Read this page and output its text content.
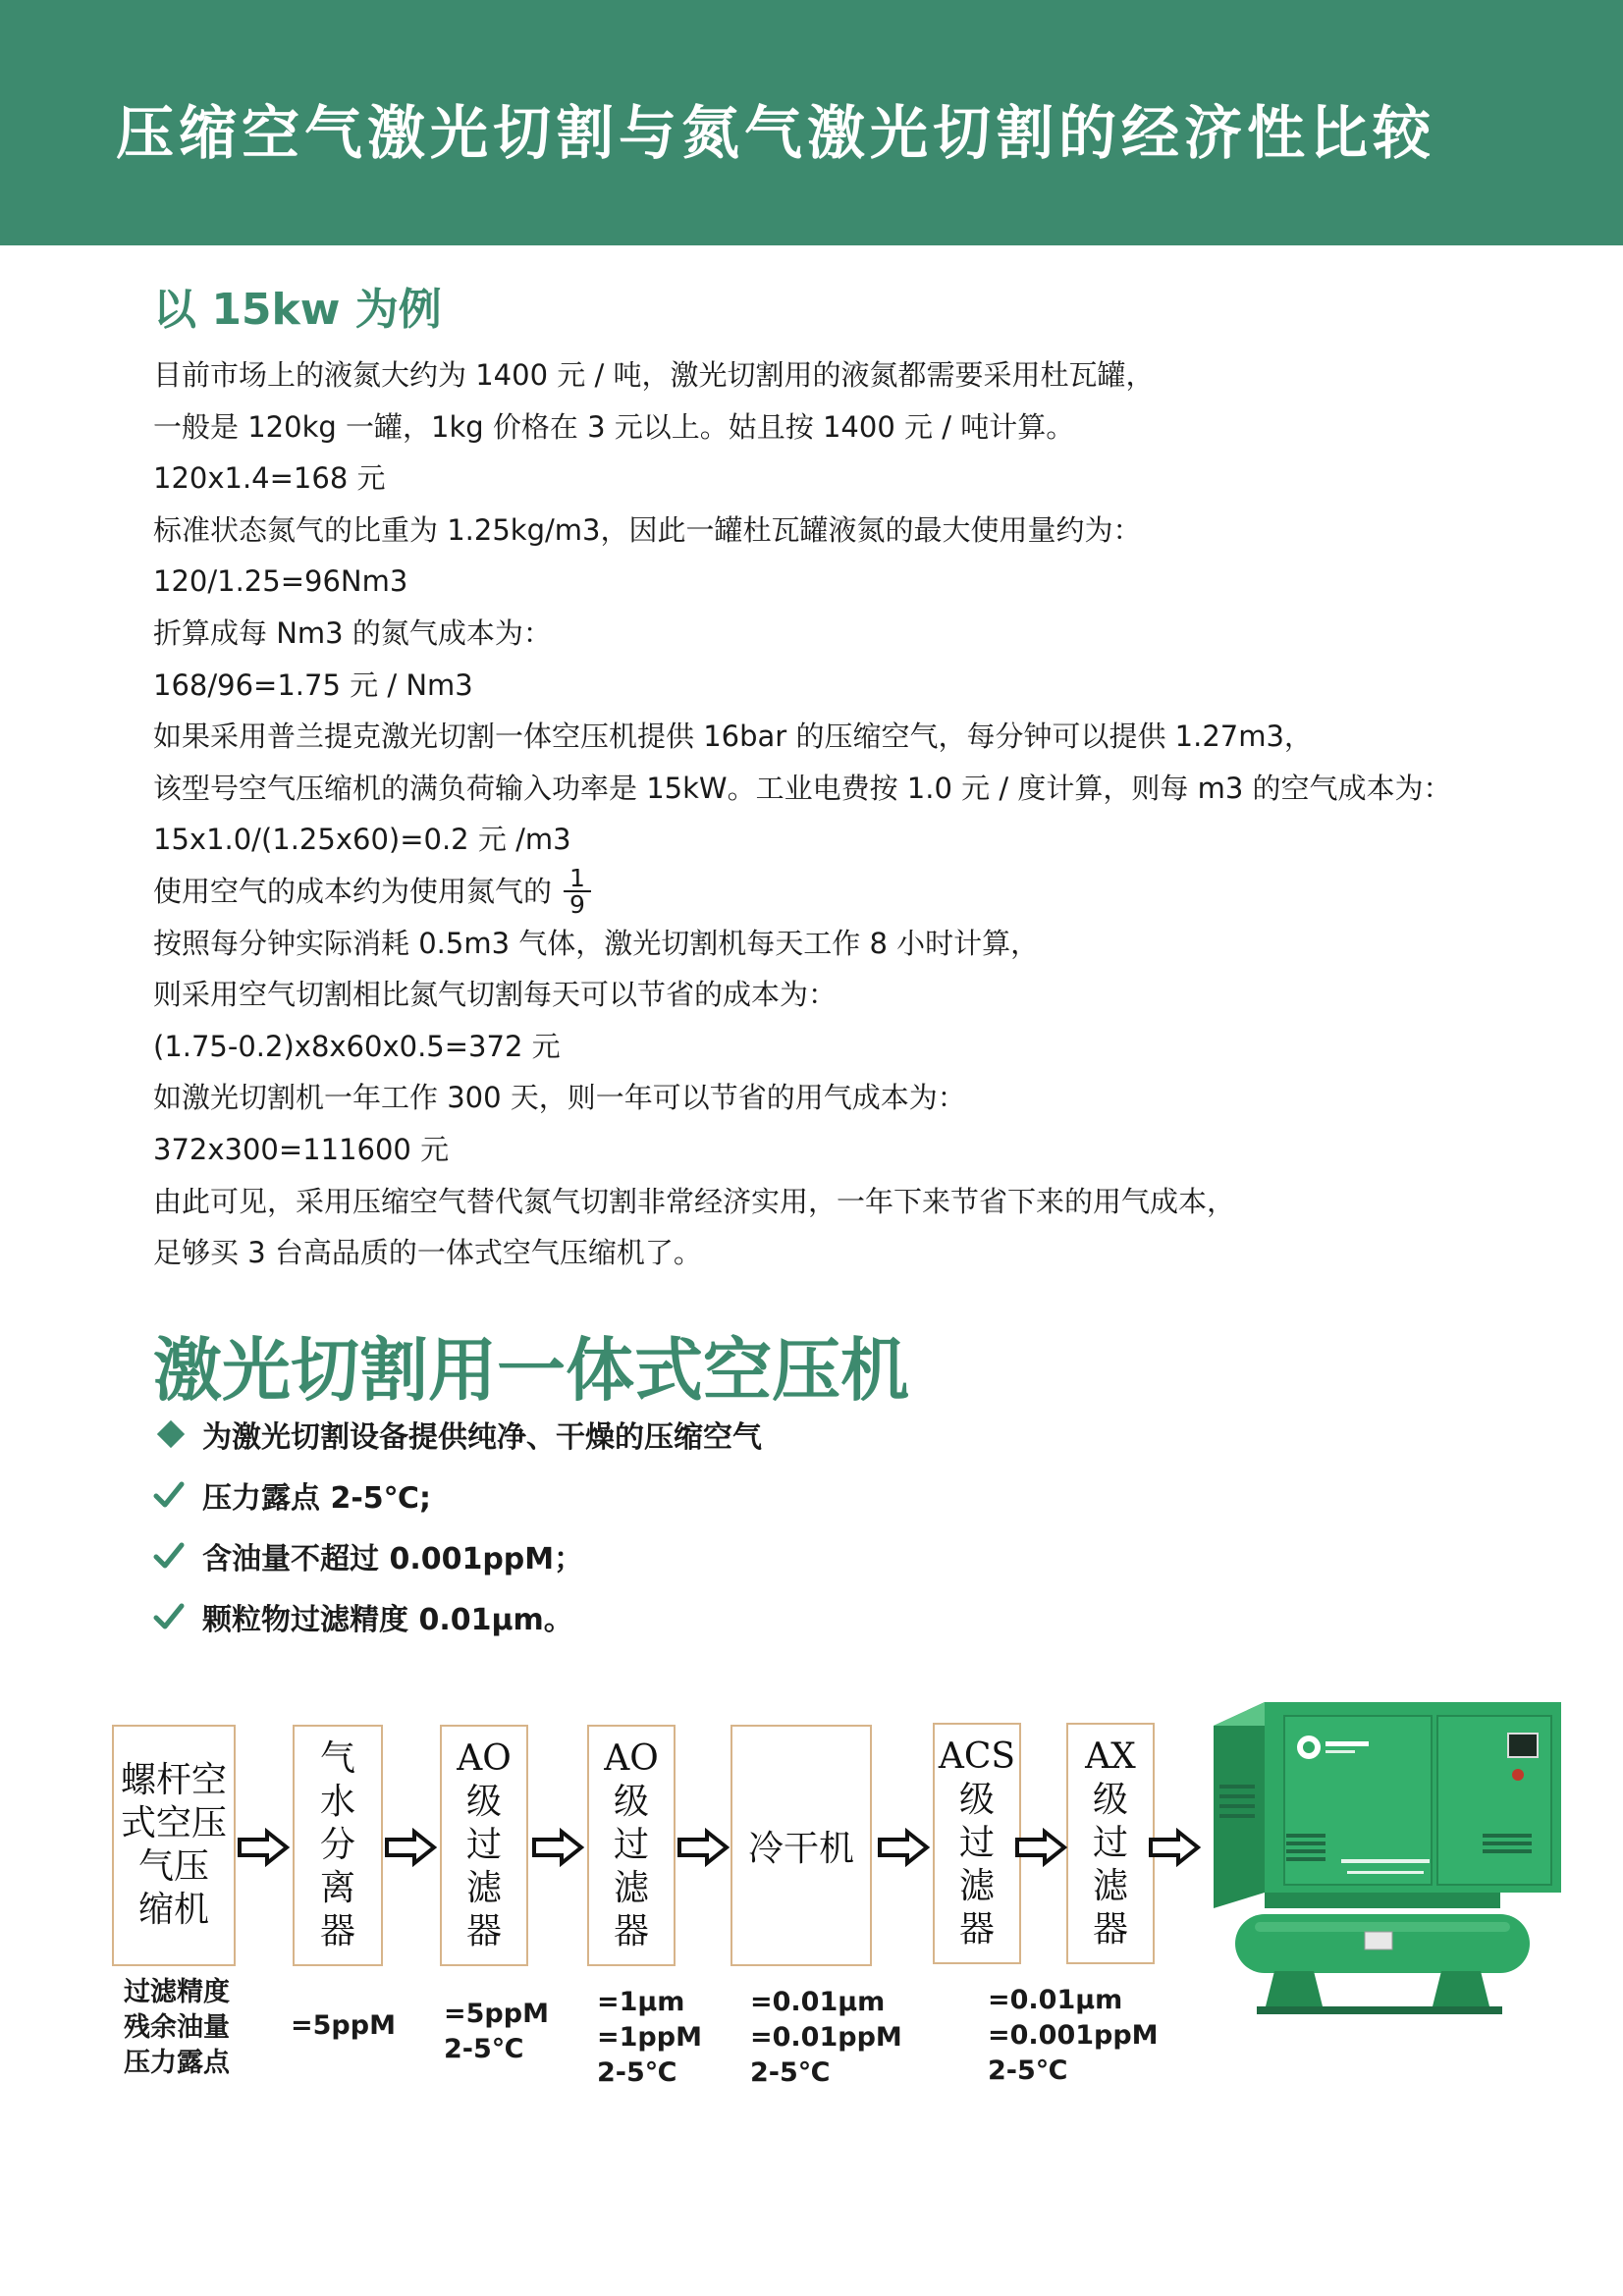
压缩空气激光切割与氮气激光切割的经济性比较
以 15kw 为例
目前市场上的液氮大约为 1400 元 / 吨，激光切割用的液氮都需要采用杜瓦罐，
一般是 120kg 一罐，1kg 价格在 3 元以上。姑且按 1400 元 / 吨计算。
120x1.4=168 元
标准状态氮气的比重为 1.25kg/m3，因此一罐杜瓦罐液氮的最大使用量约为：
120/1.25=96Nm3
折算成每 Nm3 的氮气成本为：
168/96=1.75 元 / Nm3
如果采用普兰提克激光切割一体空压机提供 16bar 的压缩空气，每分钟可以提供 1.27m3，
该型号空气压缩机的满负荷输入功率是 15kW。工业电费按 1.0 元 / 度计算，则每 m3 的空气成本为：
15x1.0/(1.25x60)=0.2 元 /m3
使用空气的成本约为使用氮气的 $\frac{1}{9}$
按照每分钟实际消耗 0.5m3 气体，激光切割机每天工作 8 小时计算，
则采用空气切割相比氮气切割每天可以节省的成本为：
(1.75-0.2)x8x60x0.5=372 元
如激光切割机一年工作 300 天，则一年可以节省的用气成本为：
372x300=111600 元
由此可见，采用压缩空气替代氮气切割非常经济实用，一年下来节省下来的用气成本，
足够买 3 台高品质的一体式空气压缩机了。
激光切割用一体式空压机
为激光切割设备提供纯净、干燥的压缩空气
压力露点 2-5℃;
含油量不超过 0.001ppM；
颗粒物过滤精度 0.01μm。
螺杆空
式空压
气压
缩机
气
水
分
离
器
AO
级
过
滤
器
AO
级
过
滤
器
冷干机
ACS
级
过
滤
器
AX
级
过
滤
器
过滤精度
残余油量
压力露点
=5ppM =5ppM
2-5℃
=1μm
=1ppM
2-5℃
=0.01μm
=0.01ppM
2-5℃
=0.01μm
=0.001ppM
2-5℃
